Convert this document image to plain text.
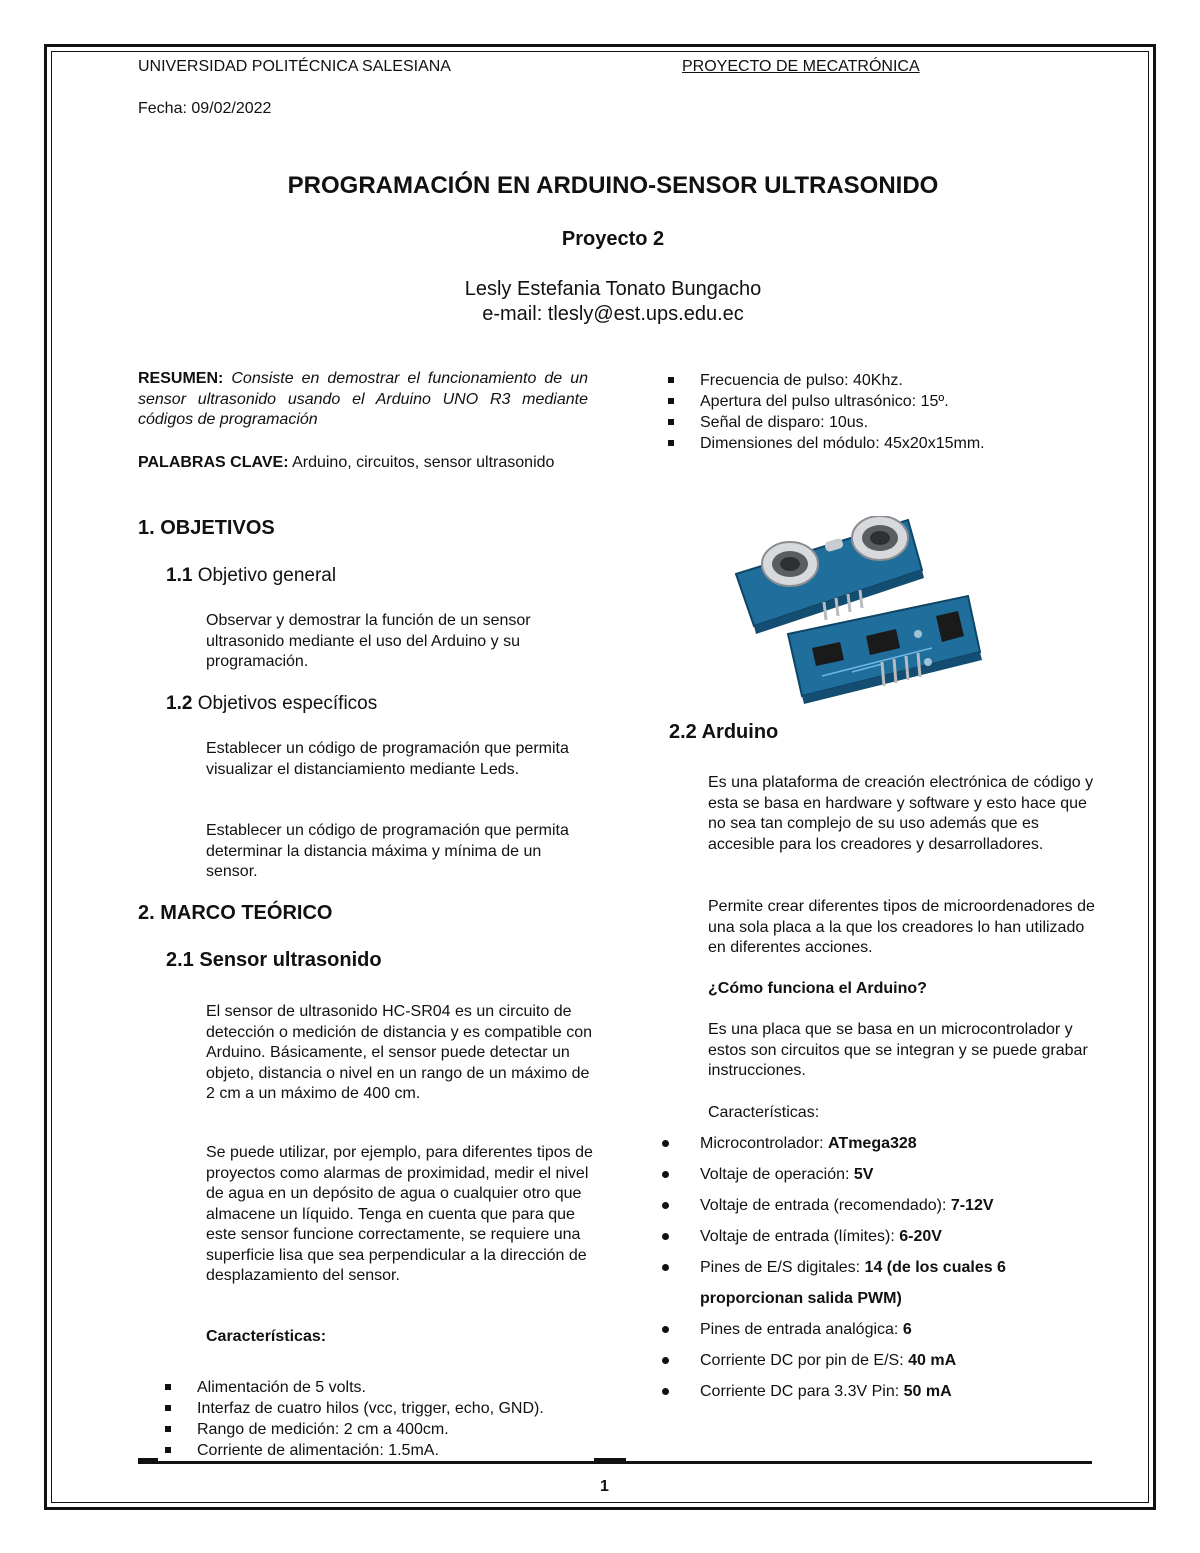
UNIVERSIDAD POLITÉCNICA SALESIANA	PROYECTO DE MECATRÓNICA
Fecha: 09/02/2022
PROGRAMACIÓN EN ARDUINO-SENSOR ULTRASONIDO
Proyecto 2
Lesly Estefania Tonato Bungacho
e-mail: tlesly@est.ups.edu.ec
RESUMEN: Consiste en demostrar el funcionamiento de un sensor ultrasonido usando el Arduino UNO R3 mediante códigos de programación
PALABRAS CLAVE: Arduino, circuitos, sensor ultrasonido
1. OBJETIVOS
1.1 Objetivo general
Observar y demostrar la función de un sensor ultrasonido mediante el uso del Arduino y su programación.
1.2 Objetivos específicos
Establecer un código de programación que permita visualizar el distanciamiento mediante Leds.
Establecer un código de programación que permita determinar la distancia máxima y mínima de un sensor.
2. MARCO TEÓRICO
2.1 Sensor ultrasonido
El sensor de ultrasonido HC-SR04 es un circuito de detección o medición de distancia y es compatible con Arduino. Básicamente, el sensor puede detectar un objeto, distancia o nivel en un rango de un máximo de 2 cm a un máximo de 400 cm.
Se puede utilizar, por ejemplo, para diferentes tipos de proyectos como alarmas de proximidad, medir el nivel de agua en un depósito de agua o cualquier otro que almacene un líquido. Tenga en cuenta que para que este sensor funcione correctamente, se requiere una superficie lisa que sea perpendicular a la dirección de desplazamiento del sensor.
Características:
Alimentación de 5 volts.
Interfaz de cuatro hilos (vcc, trigger, echo, GND).
Rango de medición: 2 cm a 400cm.
Corriente de alimentación: 1.5mA.
Frecuencia de pulso: 40Khz.
Apertura del pulso ultrasónico: 15º.
Señal de disparo: 10us.
Dimensiones del módulo: 45x20x15mm.
2.2 Arduino
Es una plataforma de creación electrónica de código y esta se basa en hardware y software y esto hace que no sea tan complejo de su uso además que es accesible para los creadores y desarrolladores.
Permite crear diferentes tipos de microordenadores de una sola placa a la que los creadores lo han utilizado en diferentes acciones.
¿Cómo funciona el Arduino?
Es una placa que se basa en un microcontrolador y estos son circuitos que se integran y se puede grabar instrucciones.
Características:
Microcontrolador: ATmega328
Voltaje de operación: 5V
Voltaje de entrada (recomendado): 7-12V
Voltaje de entrada (límites): 6-20V
Pines de E/S digitales: 14 (de los cuales 6
proporcionan salida PWM)
Pines de entrada analógica: 6
Corriente DC por pin de E/S: 40 mA
Corriente DC para 3.3V Pin: 50 mA
1
